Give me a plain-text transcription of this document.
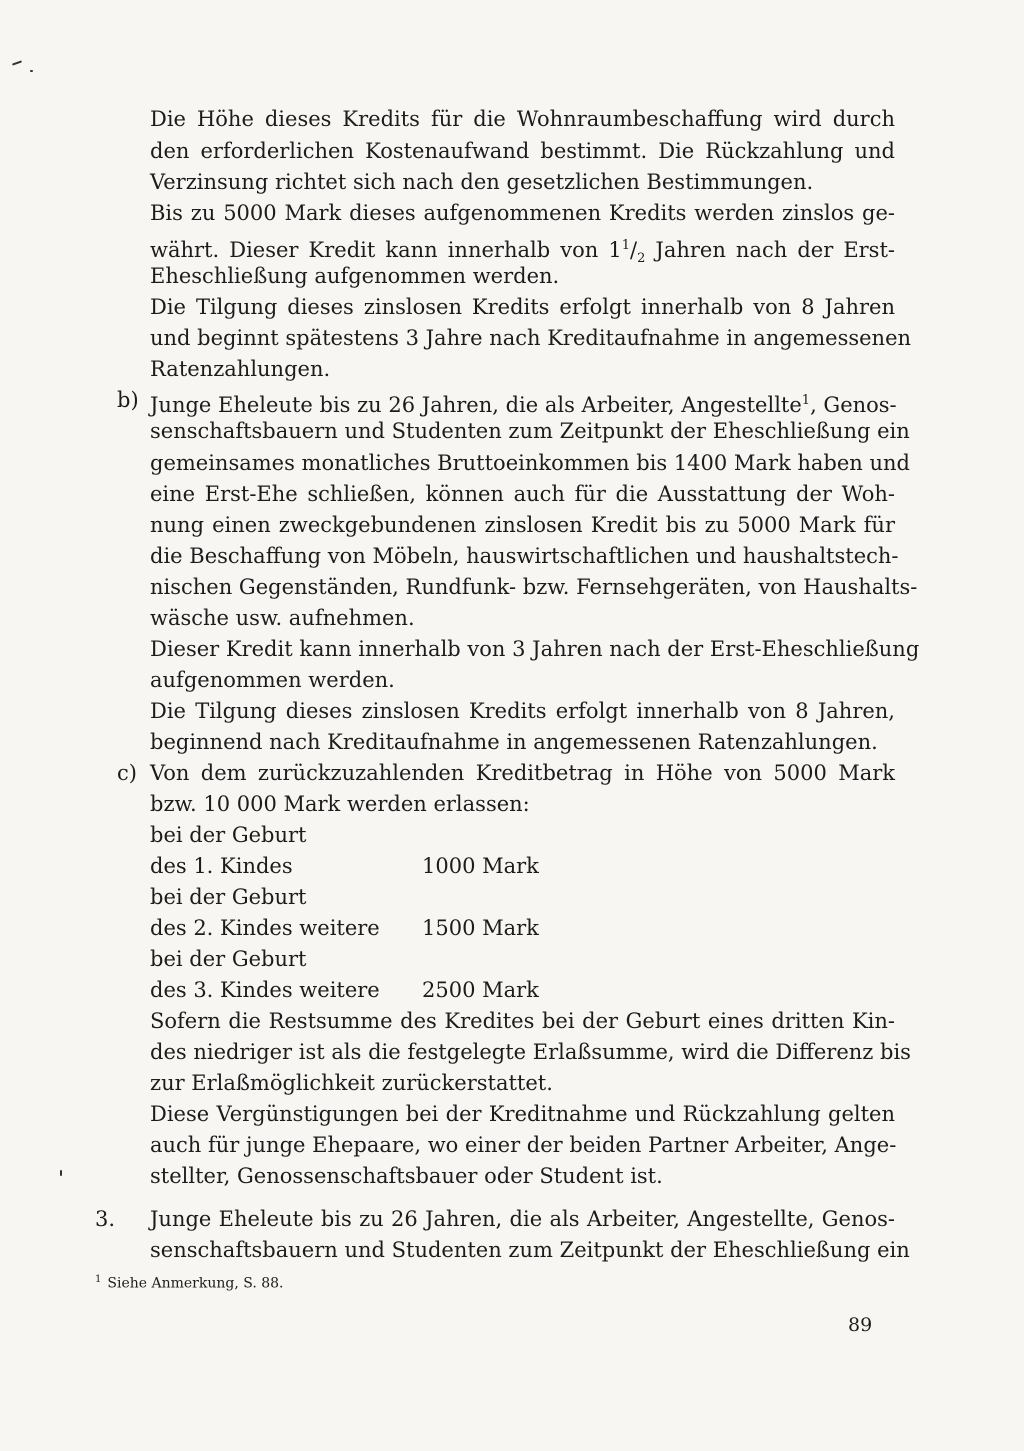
Die Höhe dieses Kredits für die Wohnraumbeschaffung wird durch
den erforderlichen Kostenaufwand bestimmt. Die Rückzahlung und
Verzinsung richtet sich nach den gesetzlichen Bestimmungen.
Bis zu 5000 Mark dieses aufgenommenen Kredits werden zinslos ge-
währt. Dieser Kredit kann innerhalb von $1^1/_2$ Jahren nach der Erst-
Eheschließung aufgenommen werden.
Die Tilgung dieses zinslosen Kredits erfolgt innerhalb von 8 Jahren
und beginnt spätestens 3 Jahre nach Kreditaufnahme in angemessenen
Ratenzahlungen.
b) Junge Eheleute bis zu 26 Jahren, die als Arbeiter, Angestellte$^1$, Genos-
senschaftsbauern und Studenten zum Zeitpunkt der Eheschließung ein
gemeinsames monatliches Bruttoeinkommen bis 1400 Mark haben und
eine Erst-Ehe schließen, können auch für die Ausstattung der Woh-
nung einen zweckgebundenen zinslosen Kredit bis zu 5000 Mark für
die Beschaffung von Möbeln, hauswirtschaftlichen und haushaltstech-
nischen Gegenständen, Rundfunk- bzw. Fernsehgeräten, von Haushalts-
wäsche usw. aufnehmen.
Dieser Kredit kann innerhalb von 3 Jahren nach der Erst-Eheschließung
aufgenommen werden.
Die Tilgung dieses zinslosen Kredits erfolgt innerhalb von 8 Jahren,
beginnend nach Kreditaufnahme in angemessenen Ratenzahlungen.
c) Von dem zurückzuzahlenden Kreditbetrag in Höhe von 5000 Mark
bzw. 10 000 Mark werden erlassen:
bei der Geburt
des 1. Kindes	1000 Mark
bei der Geburt
des 2. Kindes weitere 1500 Mark
bei der Geburt
des 3. Kindes weitere 2500 Mark
Sofern die Restsumme des Kredites bei der Geburt eines dritten Kin-
des niedriger ist als die festgelegte Erlaßsumme, wird die Differenz bis
zur Erlaßmöglichkeit zurückerstattet.
Diese Vergünstigungen bei der Kreditnahme und Rückzahlung gelten
auch für junge Ehepaare, wo einer der beiden Partner Arbeiter, Ange-
stellter, Genossenschaftsbauer oder Student ist.
3. Junge Eheleute bis zu 26 Jahren, die als Arbeiter, Angestellte, Genos-
senschaftsbauern und Studenten zum Zeitpunkt der Eheschließung ein
$^1$ Siehe Anmerkung, S. 88.
89
